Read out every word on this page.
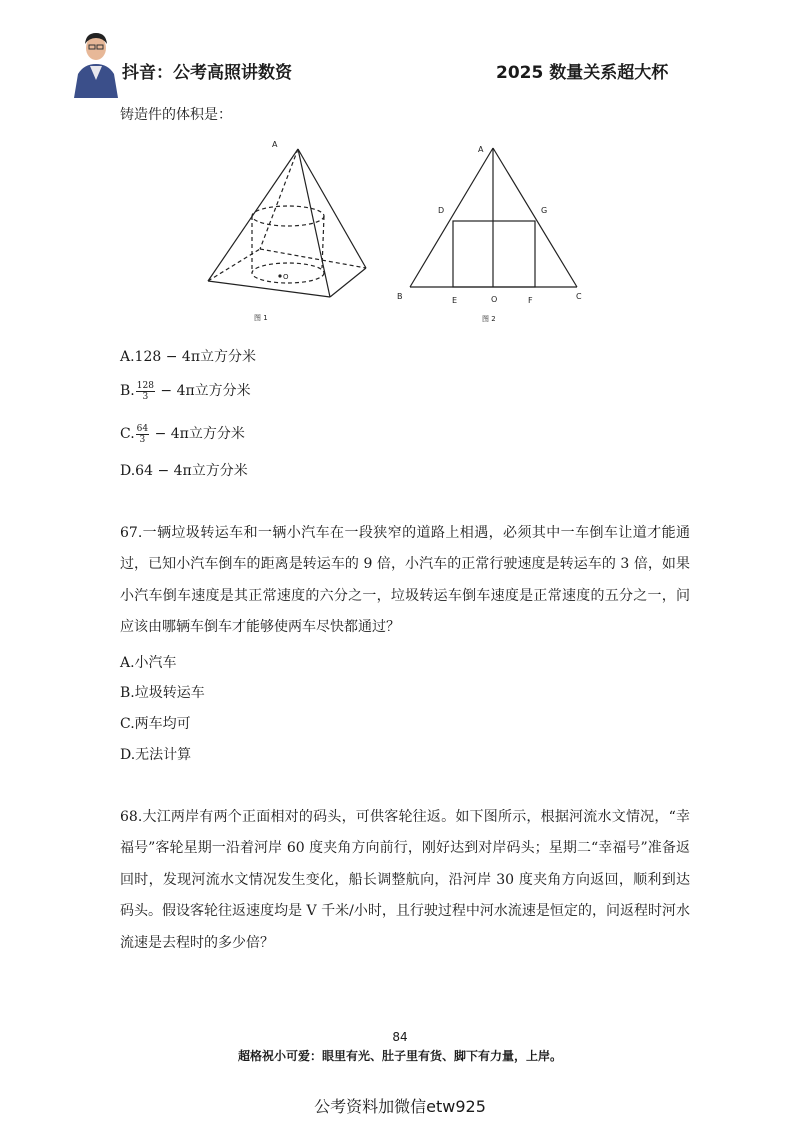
抖音：公考高照讲数资	2025 数量关系超大杯
铸造件的体积是：
A
O
图 1
A
D	G
B	E	O	F	C
图 2
A.128 − 4π立方分米
B. $\frac{128}{3} - 4\pi$立方分米
C. $\frac{64}{3} - 4\pi$立方分米
D.64 − 4π立方分米
67.一辆垃圾转运车和一辆小汽车在一段狭窄的道路上相遇，必须其中一车倒车让道才能通过，已知小汽车倒车的距离是转运车的 9 倍，小汽车的正常行驶速度是转运车的 3 倍，如果小汽车倒车速度是其正常速度的六分之一，垃圾转运车倒车速度是正常速度的五分之一，问应该由哪辆车倒车才能够使两车尽快都通过？
A.小汽车
B.垃圾转运车
C.两车均可
D.无法计算
68.大江两岸有两个正面相对的码头，可供客轮往返。如下图所示，根据河流水文情况，“幸福号”客轮星期一沿着河岸 60 度夹角方向前行，刚好达到对岸码头；星期二“幸福号”准备返回时，发现河流水文情况发生变化，船长调整航向，沿河岸 30 度夹角方向返回，顺利到达码头。假设客轮往返速度均是 V 千米/小时，且行驶过程中河水流速是恒定的，问返程时河水流速是去程时的多少倍？
84
超格祝小可爱：眼里有光、肚子里有货、脚下有力量，上岸。
公考资料加微信etw925
